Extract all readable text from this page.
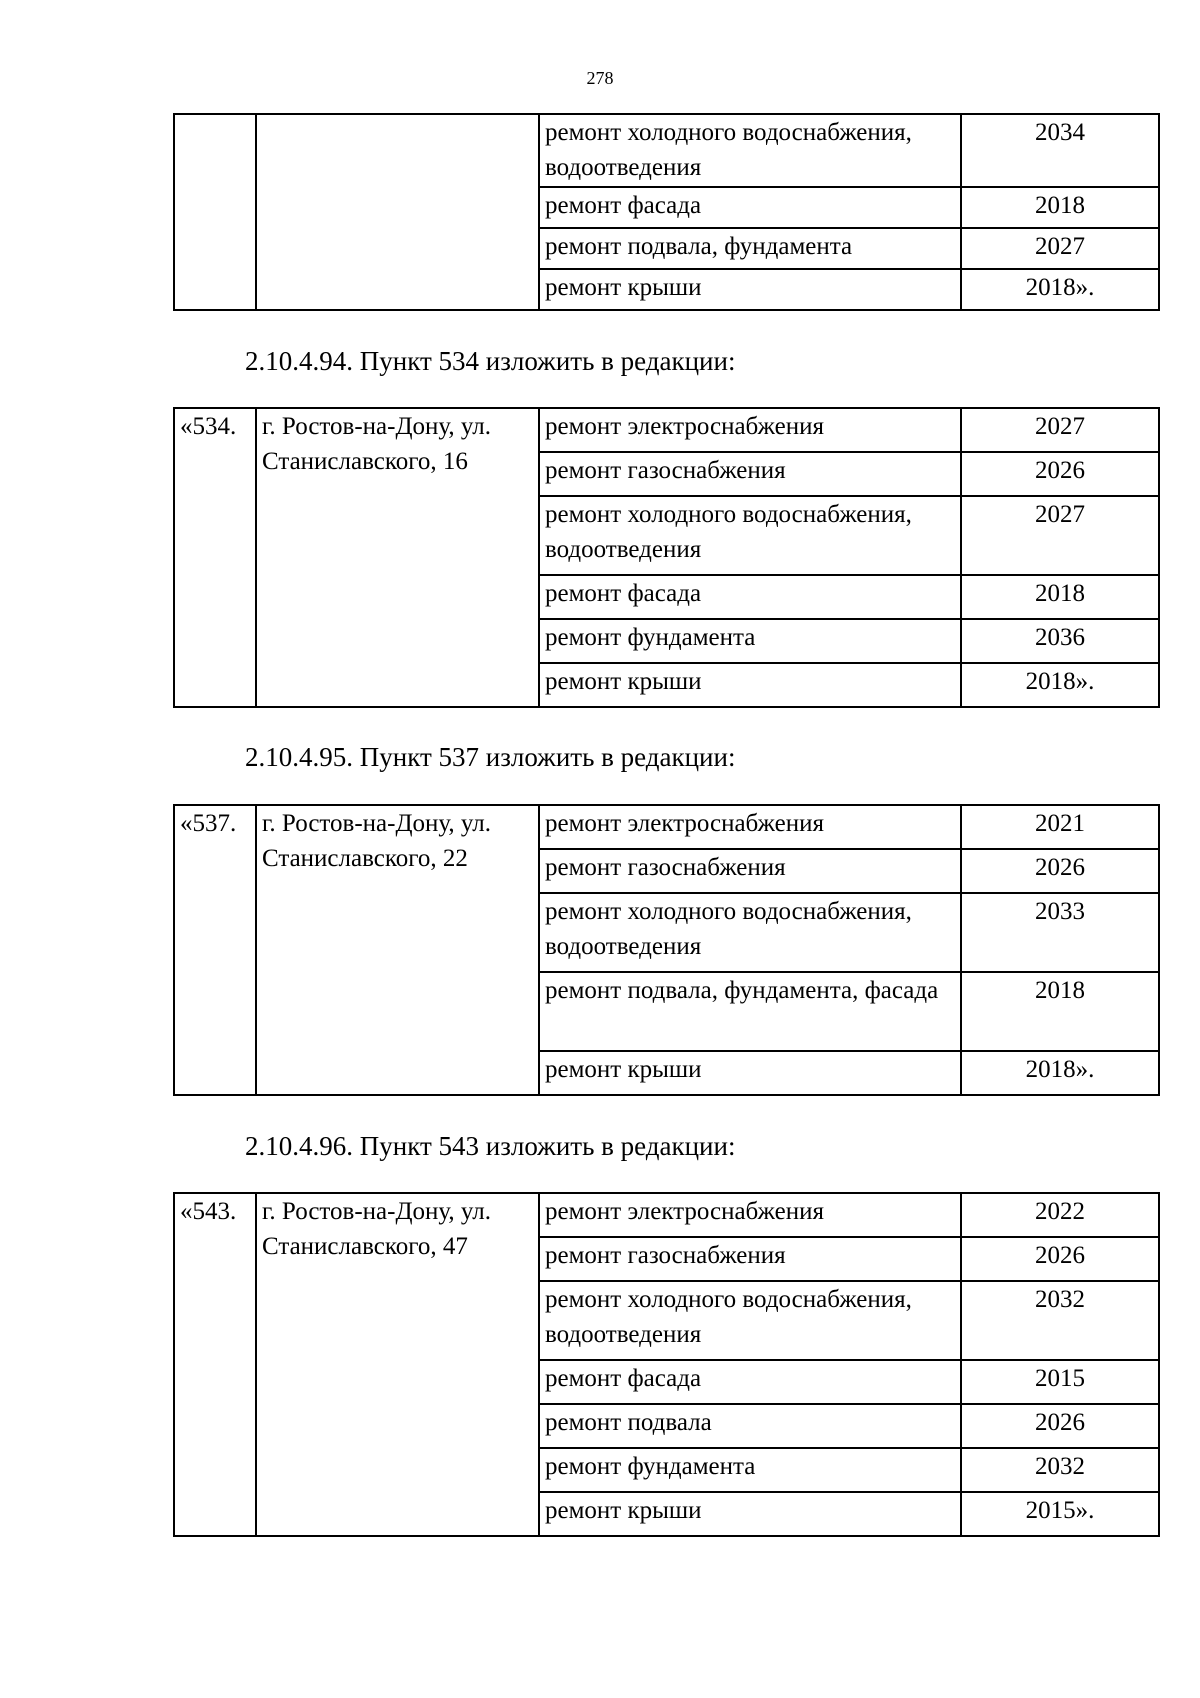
278
		ремонт холодного водоснабжения, водоотведения	2034
		ремонт фасада	2018
		ремонт подвала, фундамента	2027
		ремонт крыши	2018».
2.10.4.94. Пункт 534 изложить в редакции:
«534.	г. Ростов-на-Дону, ул. Станиславского, 16	ремонт электроснабжения	2027
		ремонт газоснабжения	2026
		ремонт холодного водоснабжения, водоотведения	2027
		ремонт фасада	2018
		ремонт фундамента	2036
		ремонт крыши	2018».
2.10.4.95. Пункт 537 изложить в редакции:
«537.	г. Ростов-на-Дону, ул. Станиславского, 22	ремонт электроснабжения	2021
		ремонт газоснабжения	2026
		ремонт холодного водоснабжения, водоотведения	2033
		ремонт подвала, фундамента, фасада	2018
		ремонт крыши	2018».
2.10.4.96. Пункт 543 изложить в редакции:
«543.	г. Ростов-на-Дону, ул. Станиславского, 47	ремонт электроснабжения	2022
		ремонт газоснабжения	2026
		ремонт холодного водоснабжения, водоотведения	2032
		ремонт фасада	2015
		ремонт подвала	2026
		ремонт фундамента	2032
		ремонт крыши	2015».
